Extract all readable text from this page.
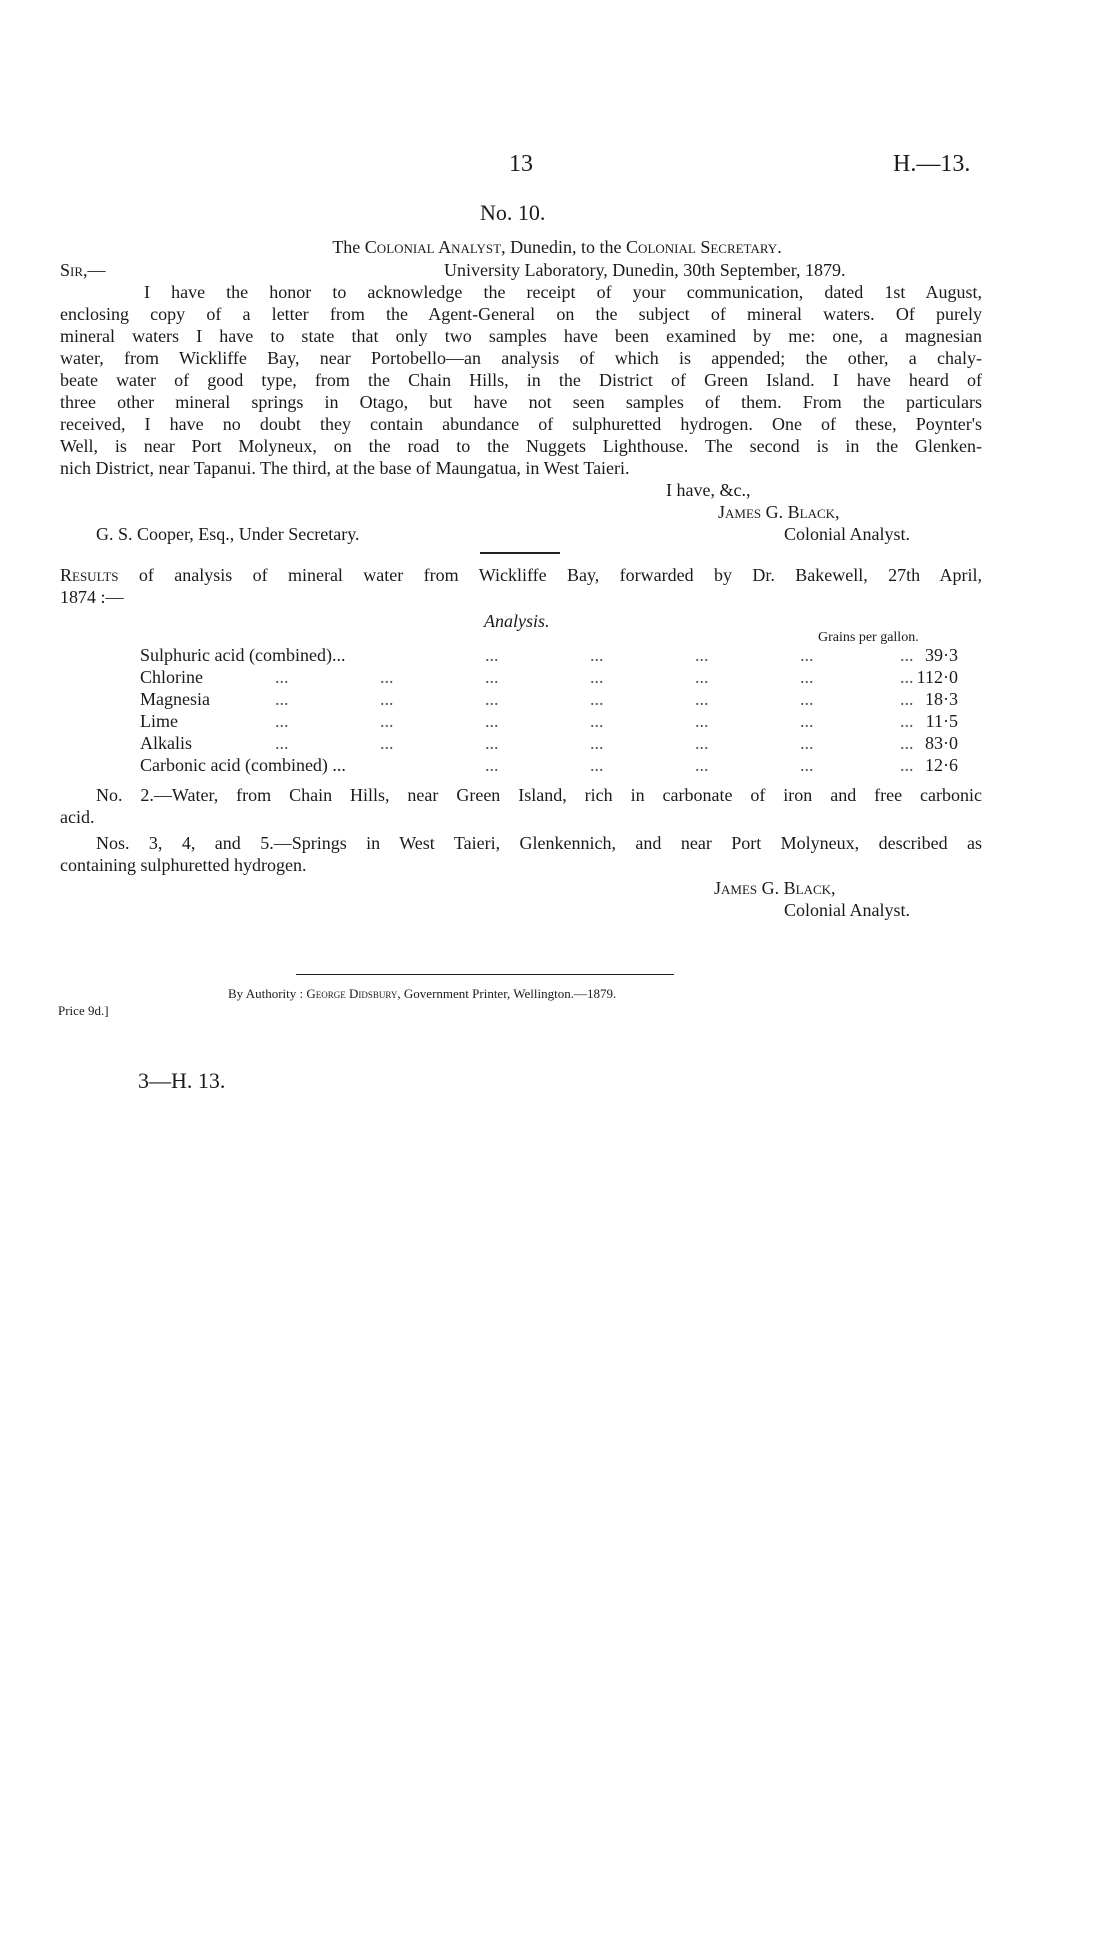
13	H.—13.
No. 10.
The Colonial Analyst, Dunedin, to the Colonial Secretary.
Sir,—	University Laboratory, Dunedin, 30th September, 1879.
I have the honor to acknowledge the receipt of your communication, dated 1st August,
enclosing copy of a letter from the Agent-General on the subject of mineral waters. Of purely
mineral waters I have to state that only two samples have been examined by me: one, a magnesian
water, from Wickliffe Bay, near Portobello—an analysis of which is appended; the other, a chaly-
beate water of good type, from the Chain Hills, in the District of Green Island. I have heard of
three other mineral springs in Otago, but have not seen samples of them. From the particulars
received, I have no doubt they contain abundance of sulphuretted hydrogen. One of these, Poynter's
Well, is near Port Molyneux, on the road to the Nuggets Lighthouse. The second is in the Glenken-
nich District, near Tapanui. The third, at the base of Maungatua, in West Taieri.
I have, &c.,
James G. Black,
G. S. Cooper, Esq., Under Secretary.	Colonial Analyst.
Results of analysis of mineral water from Wickliffe Bay, forwarded by Dr. Bakewell, 27th April,
1874 :—
Analysis.
Grains per gallon.
Sulphuric acid (combined)...	...	...	...	...	... 39·3
Chlorine	...	...	...	...	...	...	... 112·0
Magnesia	...	...	...	...	...	...	... 18·3
Lime	...	...	...	...	...	...	... 11·5
Alkalis	...	...	...	...	...	...	... 83·0
Carbonic acid (combined) ...	...	...	...	...	... 12·6
No. 2.—Water, from Chain Hills, near Green Island, rich in carbonate of iron and free carbonic
acid.
Nos. 3, 4, and 5.—Springs in West Taieri, Glenkennich, and near Port Molyneux, described as
containing sulphuretted hydrogen.
James G. Black,
Colonial Analyst.
By Authority : George Didsbury, Government Printer, Wellington.—1879.
Price 9d.]
3—H. 13.
